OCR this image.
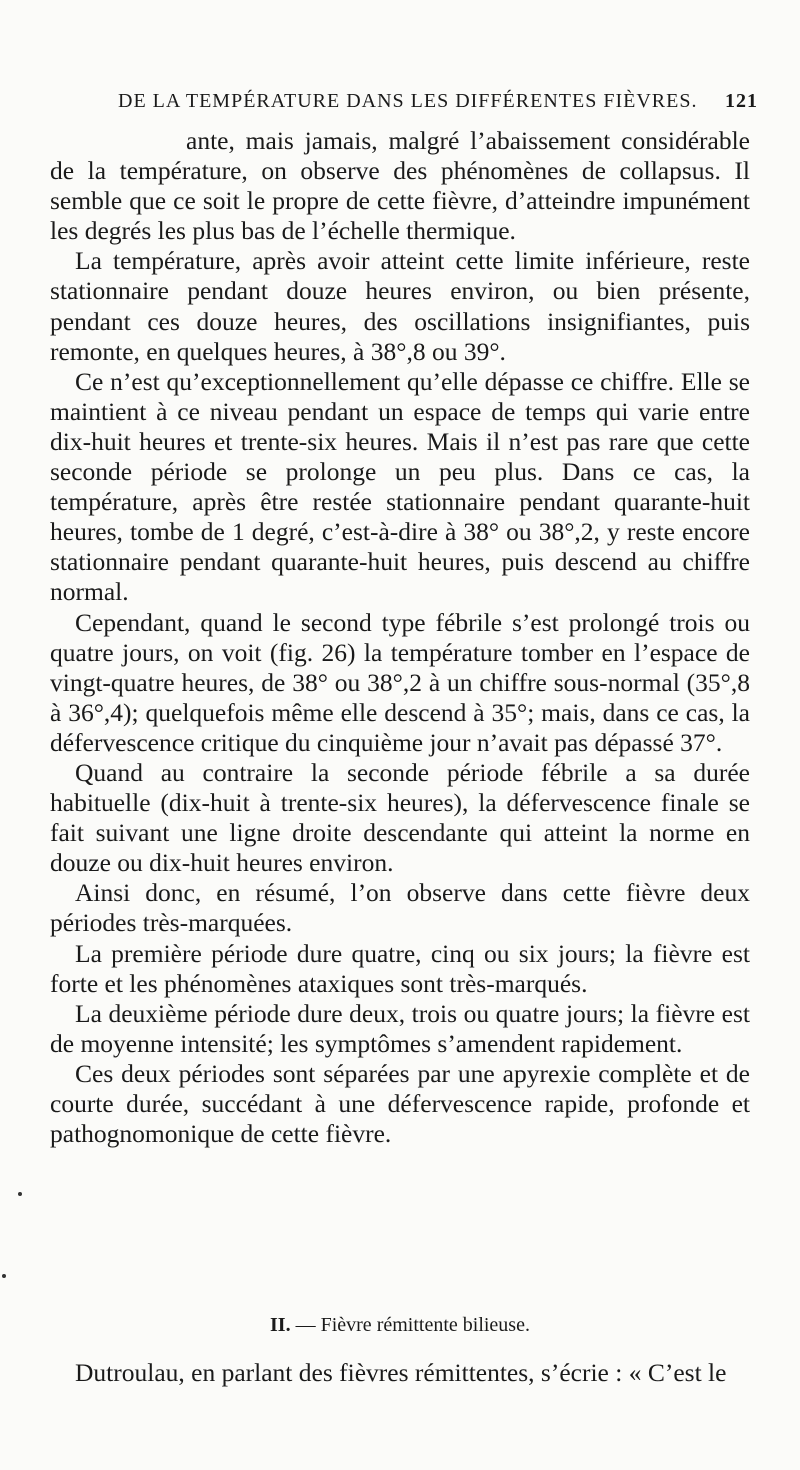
DE LA TEMPÉRATURE DANS LES DIFFÉRENTES FIÈVRES. 121

ante, mais jamais, malgré l’abaissement considérable de la température, on observe des phénomènes de collapsus. Il semble que ce soit le propre de cette fièvre, d’atteindre impunément les degrés les plus bas de l’échelle thermique.

La température, après avoir atteint cette limite inférieure, reste stationnaire pendant douze heures environ, ou bien présente, pendant ces douze heures, des oscillations insignifiantes, puis remonte, en quelques heures, à 38°,8 ou 39°.

Ce n’est qu’exceptionnellement qu’elle dépasse ce chiffre. Elle se maintient à ce niveau pendant un espace de temps qui varie entre dix-huit heures et trente-six heures. Mais il n’est pas rare que cette seconde période se prolonge un peu plus. Dans ce cas, la température, après être restée stationnaire pendant quarante-huit heures, tombe de 1 degré, c’est-à-dire à 38° ou 38°,2, y reste encore stationnaire pendant quarante-huit heures, puis descend au chiffre normal.

Cependant, quand le second type fébrile s’est prolongé trois ou quatre jours, on voit (fig. 26) la température tomber en l’espace de vingt-quatre heures, de 38° ou 38°,2 à un chiffre sous-normal (35°,8 à 36°,4); quelquefois même elle descend à 35°; mais, dans ce cas, la défervescence critique du cinquième jour n’avait pas dépassé 37°.

Quand au contraire la seconde période fébrile a sa durée habituelle (dix-huit à trente-six heures), la défervescence finale se fait suivant une ligne droite descendante qui atteint la norme en douze ou dix-huit heures environ.

Ainsi donc, en résumé, l’on observe dans cette fièvre deux périodes très-marquées.

La première période dure quatre, cinq ou six jours; la fièvre est forte et les phénomènes ataxiques sont très-marqués.

La deuxième période dure deux, trois ou quatre jours; la fièvre est de moyenne intensité; les symptômes s’amendent rapidement.

Ces deux périodes sont séparées par une apyrexie complète et de courte durée, succédant à une défervescence rapide, profonde et pathognomonique de cette fièvre.

II. — Fièvre rémittente bilieuse.
Dutroulau, en parlant des fièvres rémittentes, s’écrie : « C’est le
